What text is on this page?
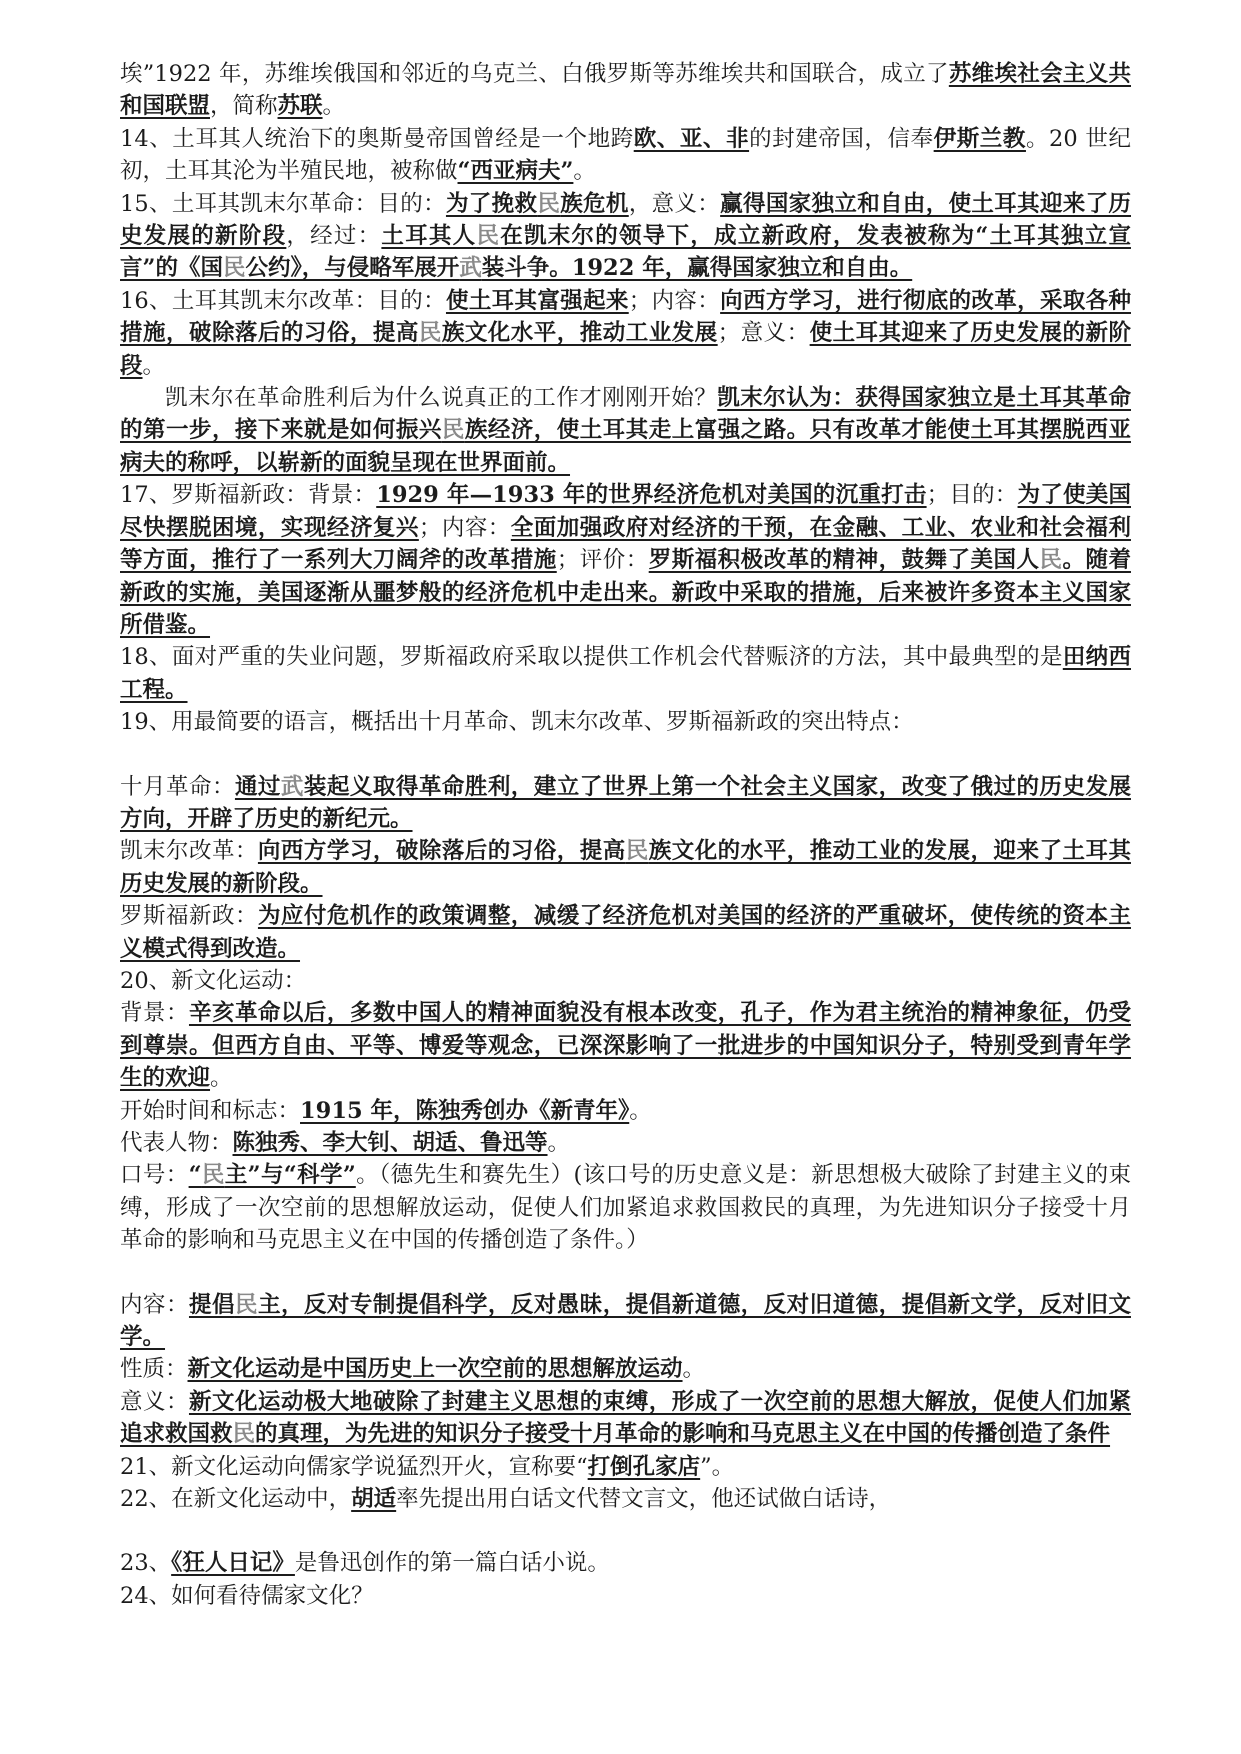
埃”1922 年，苏维埃俄国和邻近的乌克兰、白俄罗斯等苏维埃共和国联合，成立了苏维埃社会主义共和国联盟，简称苏联。

14、土耳其人统治下的奥斯曼帝国曾经是一个地跨欧、亚、非的封建帝国，信奉伊斯兰教。20 世纪初，土耳其沦为半殖民地，被称做“西亚病夫”。

15、土耳其凯末尔革命：目的：为了挽救民族危机，意义：赢得国家独立和自由，使土耳其迎来了历史发展的新阶段，经过：土耳其人民在凯末尔的领导下，成立新政府，发表被称为“土耳其独立宣言”的《国民公约》，与侵略军展开武装斗争。1922 年，赢得国家独立和自由。

16、土耳其凯末尔改革：目的：使土耳其富强起来；内容：向西方学习，进行彻底的改革，采取各种措施，破除落后的习俗，提高民族文化水平，推动工业发展；意义：使土耳其迎来了历史发展的新阶段。

凯末尔在革命胜利后为什么说真正的工作才刚刚开始？凯末尔认为：获得国家独立是土耳其革命的第一步，接下来就是如何振兴民族经济，使土耳其走上富强之路。只有改革才能使土耳其摆脱西亚病夫的称呼，以崭新的面貌呈现在世界面前。

17、罗斯福新政：背景：1929 年—1933 年的世界经济危机对美国的沉重打击；目的：为了使美国尽快摆脱困境，实现经济复兴；内容：全面加强政府对经济的干预，在金融、工业、农业和社会福利等方面，推行了一系列大刀阔斧的改革措施；评价：罗斯福积极改革的精神，鼓舞了美国人民。随着新政的实施，美国逐渐从噩梦般的经济危机中走出来。新政中采取的措施，后来被许多资本主义国家所借鉴。

18、面对严重的失业问题，罗斯福政府采取以提供工作机会代替赈济的方法，其中最典型的是田纳西工程。

19、用最简要的语言，概括出十月革命、凯末尔改革、罗斯福新政的突出特点：

十月革命：通过武装起义取得革命胜利，建立了世界上第一个社会主义国家，改变了俄过的历史发展方向，开辟了历史的新纪元。

凯末尔改革：向西方学习，破除落后的习俗，提高民族文化的水平，推动工业的发展，迎来了土耳其历史发展的新阶段。

罗斯福新政：为应付危机作的政策调整，减缓了经济危机对美国的经济的严重破坏，使传统的资本主义模式得到改造。

20、新文化运动：

背景：辛亥革命以后，多数中国人的精神面貌没有根本改变，孔子，作为君主统治的精神象征，仍受到尊崇。但西方自由、平等、博爱等观念，已深深影响了一批进步的中国知识分子，特别受到青年学生的欢迎。

开始时间和标志：1915 年，陈独秀创办《新青年》。

代表人物：陈独秀、李大钊、胡适、鲁迅等。

口号：“民主”与“科学”。（德先生和赛先生）(该口号的历史意义是：新思想极大破除了封建主义的束缚，形成了一次空前的思想解放运动，促使人们加紧追求救国救民的真理，为先进知识分子接受十月革命的影响和马克思主义在中国的传播创造了条件。）

内容：提倡民主，反对专制提倡科学，反对愚昧，提倡新道德，反对旧道德，提倡新文学，反对旧文学。

性质：新文化运动是中国历史上一次空前的思想解放运动。

意义：新文化运动极大地破除了封建主义思想的束缚，形成了一次空前的思想大解放，促使人们加紧追求救国救民的真理，为先进的知识分子接受十月革命的影响和马克思主义在中国的传播创造了条件

21、新文化运动向儒家学说猛烈开火，宣称要“打倒孔家店”。

22、在新文化运动中，胡适率先提出用白话文代替文言文，他还试做白话诗，

23、《狂人日记》是鲁迅创作的第一篇白话小说。

24、如何看待儒家文化？
